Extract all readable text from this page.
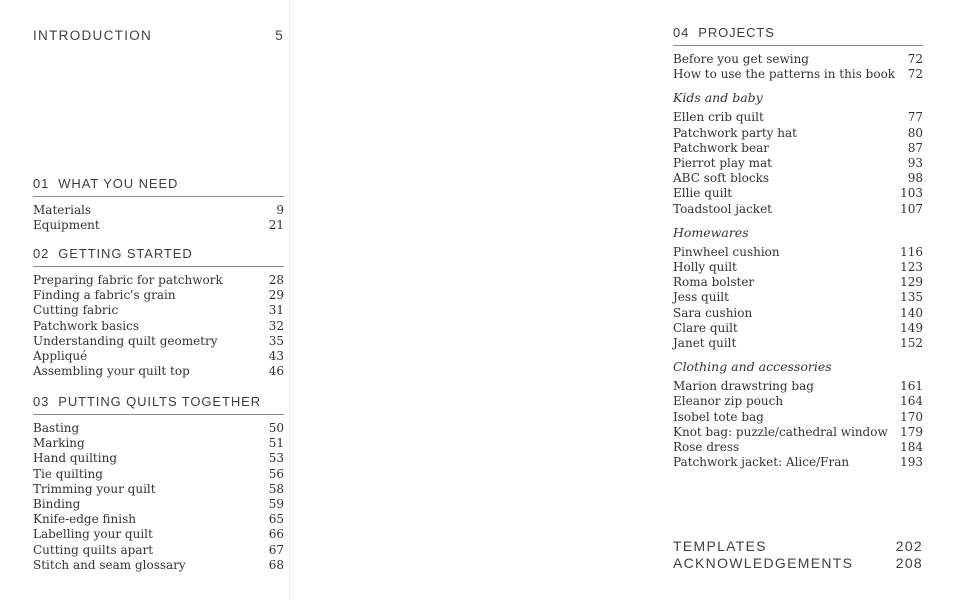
INTRODUCTION	5
01 WHAT YOU NEED
Materials	9
Equipment	21
02 GETTING STARTED
Preparing fabric for patchwork	28
Finding a fabric's grain	29
Cutting fabric	31
Patchwork basics	32
Understanding quilt geometry	35
Appliqué	43
Assembling your quilt top	46
03 PUTTING QUILTS TOGETHER
Basting	50
Marking	51
Hand quilting	53
Tie quilting	56
Trimming your quilt	58
Binding	59
Knife-edge finish	65
Labelling your quilt	66
Cutting quilts apart	67
Stitch and seam glossary	68
04 PROJECTS
Before you get sewing	72
How to use the patterns in this book 72
Kids and baby
Ellen crib quilt	77
Patchwork party hat	80
Patchwork bear	87
Pierrot play mat	93
ABC soft blocks	98
Ellie quilt	103
Toadstool jacket	107
Homewares
Pinwheel cushion	116
Holly quilt	123
Roma bolster	129
Jess quilt	135
Sara cushion	140
Clare quilt	149
Janet quilt	152
Clothing and accessories
Marion drawstring bag	161
Eleanor zip pouch	164
Isobel tote bag	170
Knot bag: puzzle/cathedral window 179
Rose dress	184
Patchwork jacket: Alice/Fran	193
TEMPLATES	202
ACKNOWLEDGEMENTS	208
